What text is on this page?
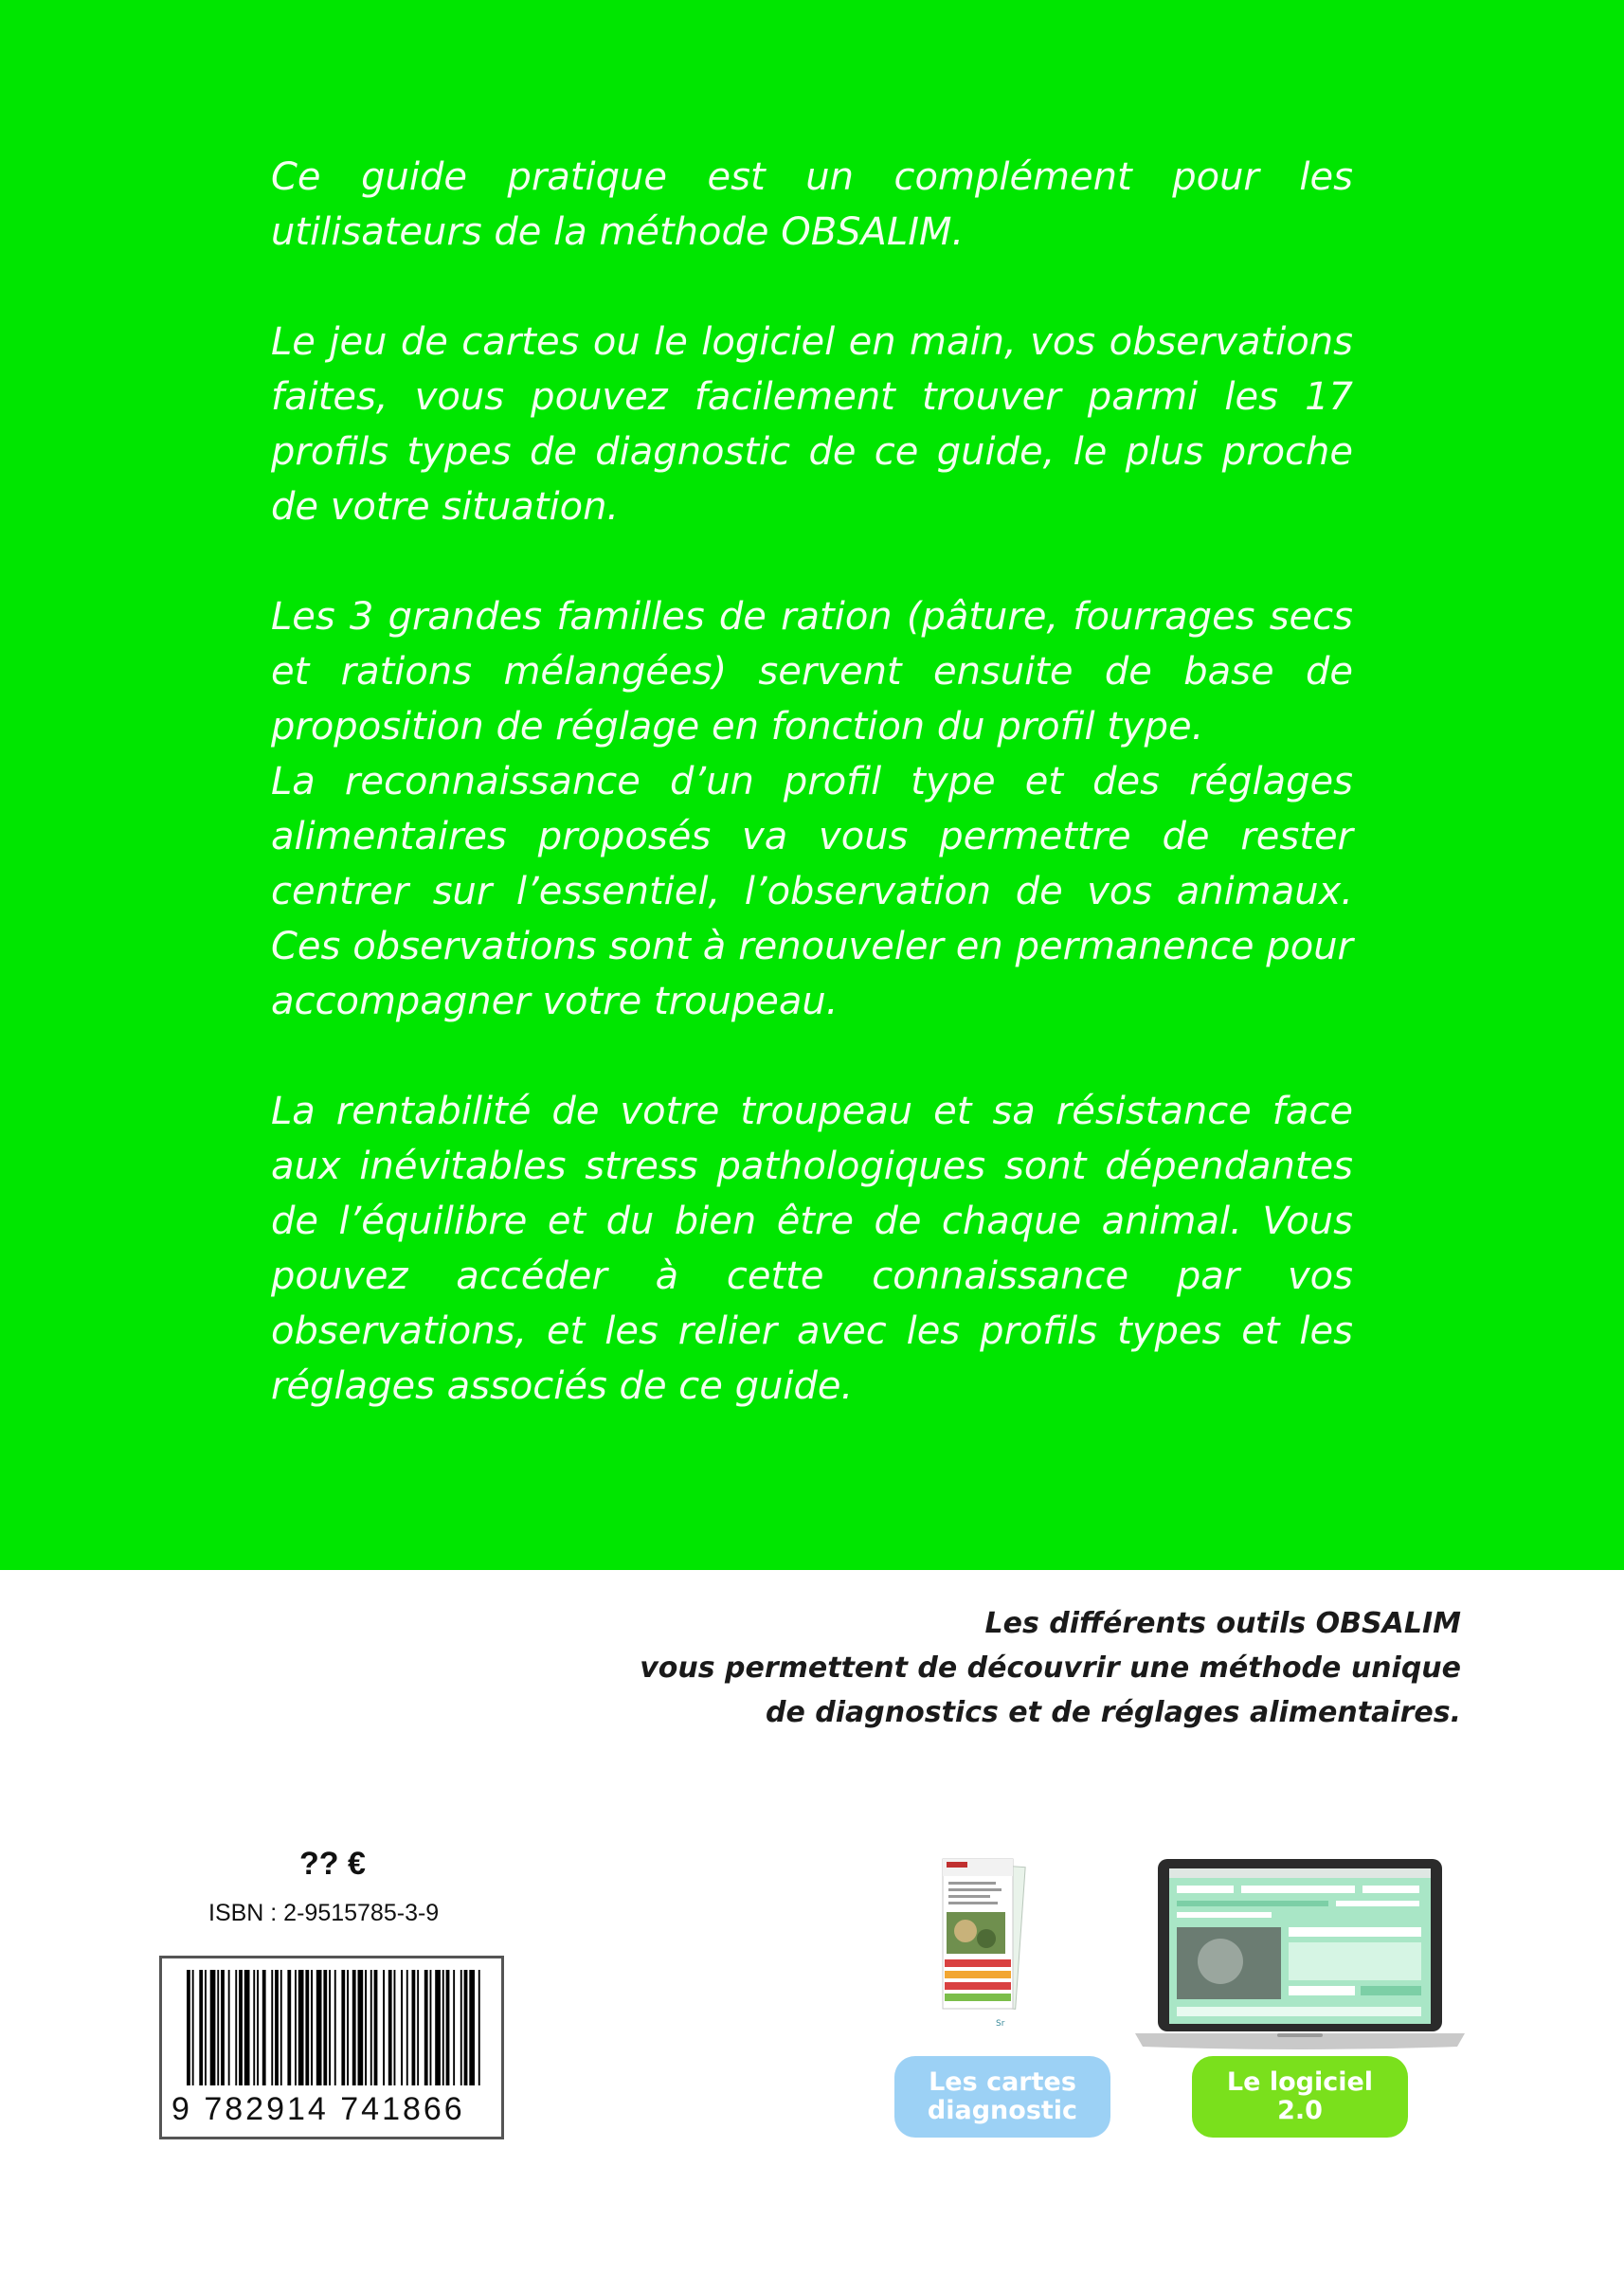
Ce guide pratique est un complément pour les utilisateurs de la méthode OBSALIM.

Le jeu de cartes ou le logiciel en main, vos observations faites, vous pouvez facilement trouver parmi les 17 profils types de diagnostic de ce guide, le plus proche de votre situation.

Les 3 grandes familles de ration (pâture, fourrages secs et rations mélangées) servent ensuite de base de proposition de réglage en fonction du profil type.

La reconnaissance d’un profil type et des réglages alimentaires proposés va vous permettre de rester centrer sur l’essentiel, l’observation de vos animaux. Ces observations sont à renouveler en permanence pour accompagner votre troupeau.

La rentabilité de votre troupeau et sa résistance face aux inévitables stress pathologiques sont dépendantes de l’équilibre et du bien être de chaque animal. Vous pouvez accéder à cette connaissance par vos observations, et les relier avec les profils types et les réglages associés de ce guide.

Les différents outils OBSALIM
vous permettent de découvrir une méthode unique
de diagnostics et de réglages alimentaires.
?? €
ISBN : 2-9515785-3-9
9 782914 741866
Sr
Les cartes
diagnostic
Le logiciel
2.0
